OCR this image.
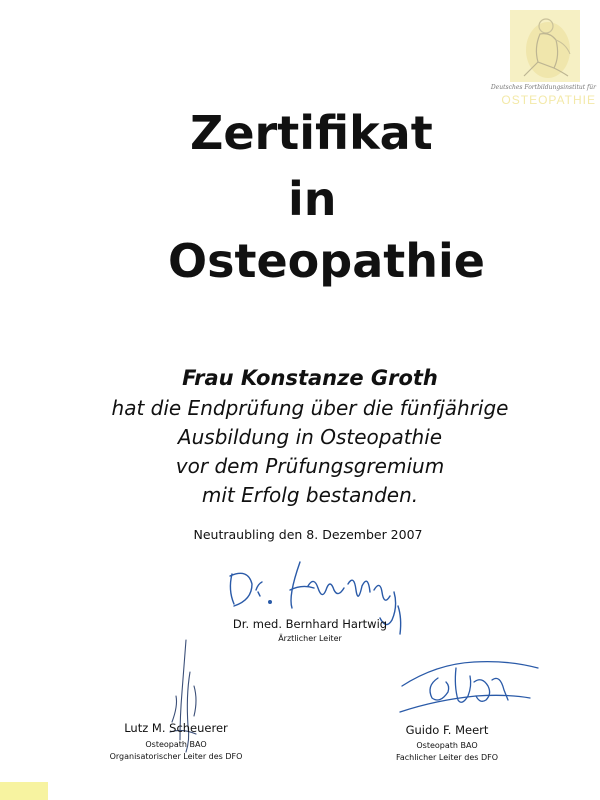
Deutsches Fortbildungsinstitut für
OSTEOPATHIE
Zertifikat
in
Osteopathie
Frau Konstanze Groth
hat die Endprüfung über die fünfjährige
Ausbildung in Osteopathie
vor dem Prüfungsgremium
mit Erfolg bestanden.
Neutraubling den 8. Dezember 2007
Dr. med. Bernhard Hartwig
Ärztlicher Leiter
Lutz M. Scheuerer
Osteopath BAO
Organisatorischer Leiter des DFO
Guido F. Meert
Osteopath BAO
Fachlicher Leiter des DFO
